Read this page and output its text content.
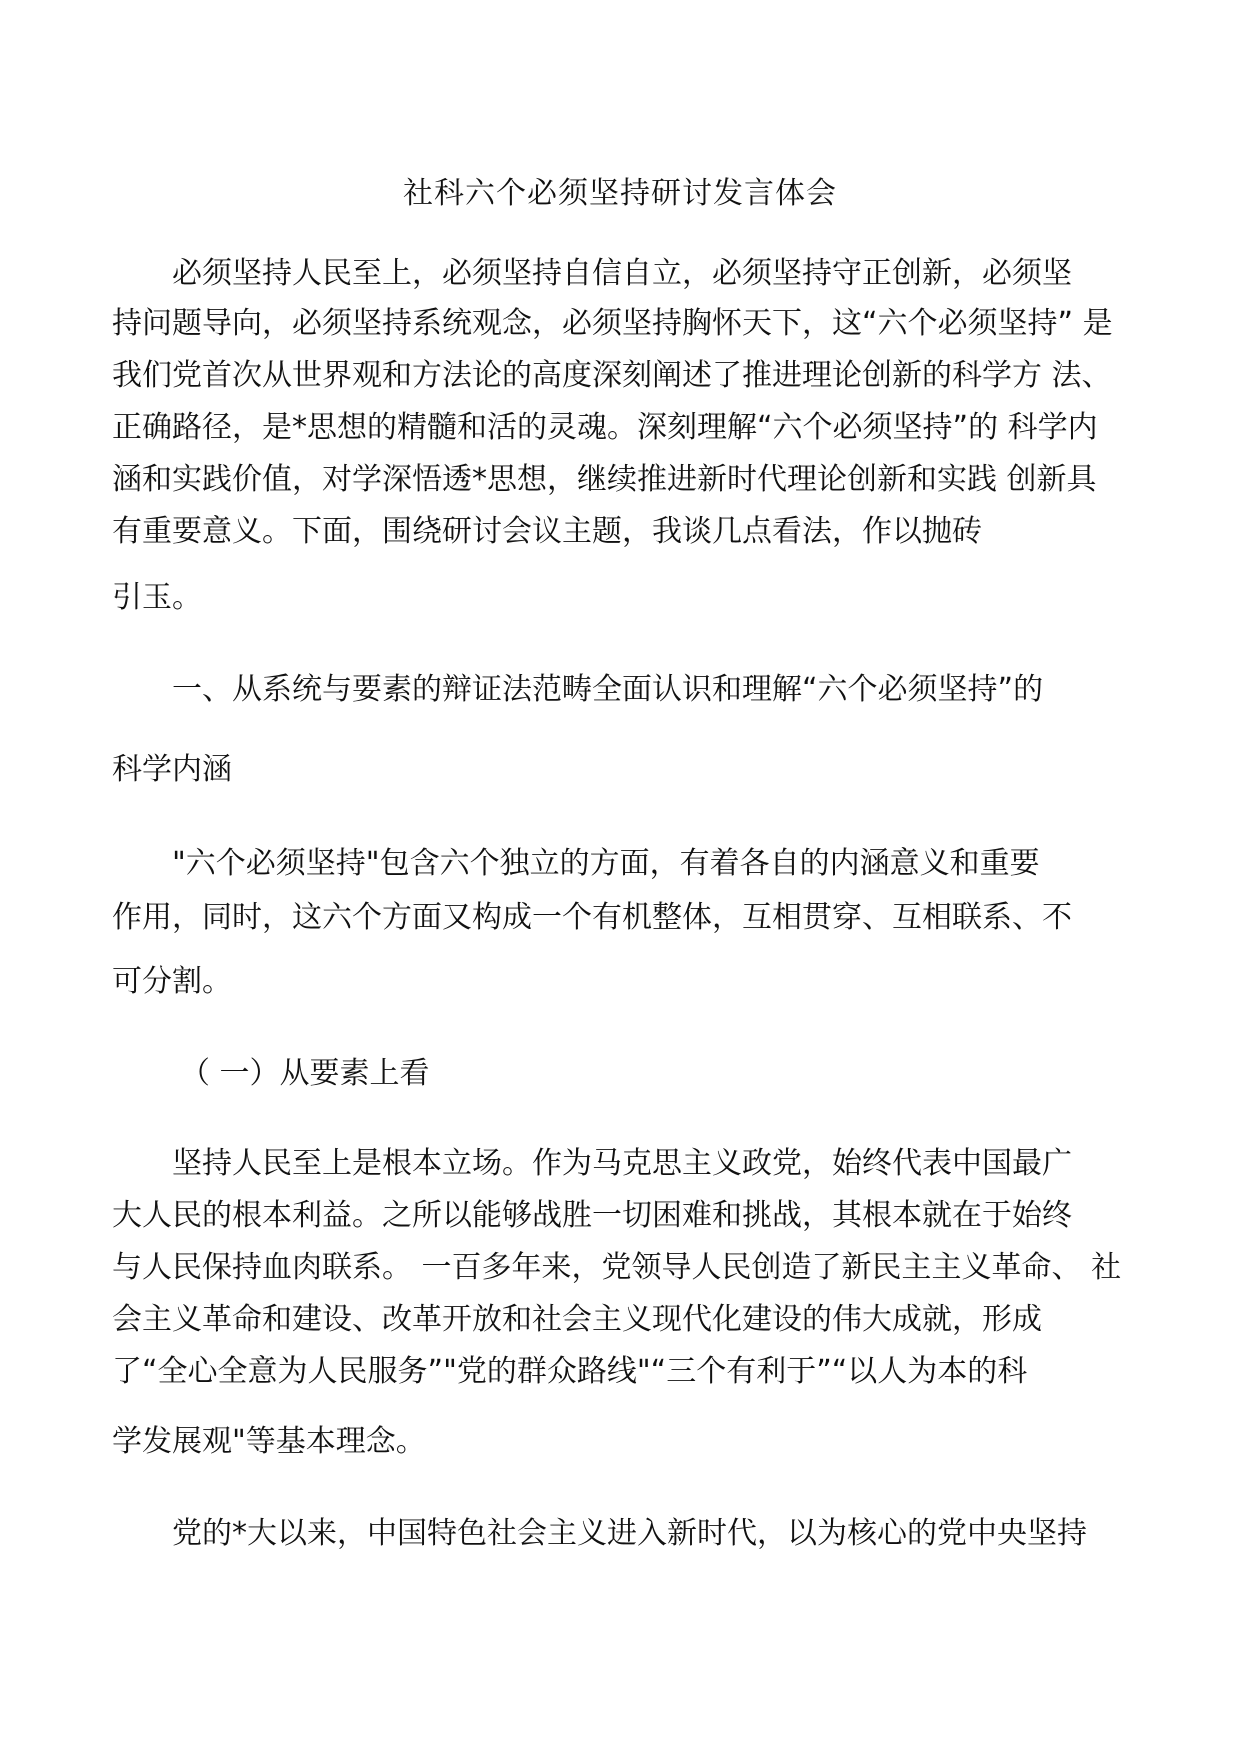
社科六个必须坚持研讨发言体会

必须坚持人民至上，必须坚持自信自立，必须坚持守正创新，必须坚

持问题导向，必须坚持系统观念，必须坚持胸怀天下，这“六个必须坚持” 是

我们党首次从世界观和方法论的高度深刻阐述了推进理论创新的科学方 法、

正确路径，是*思想的精髓和活的灵魂。深刻理解“六个必须坚持”的 科学内

涵和实践价值，对学深悟透*思想，继续推进新时代理论创新和实践 创新具

有重要意义。下面，围绕研讨会议主题，我谈几点看法，作以抛砖

引玉。

一、从系统与要素的辩证法范畴全面认识和理解“六个必须坚持”的

科学内涵

"六个必须坚持"包含六个独立的方面，有着各自的内涵意义和重要

作用，同时，这六个方面又构成一个有机整体，互相贯穿、互相联系、不

可分割。

（ 一）从要素上看

坚持人民至上是根本立场。作为马克思主义政党，始终代表中国最广

大人民的根本利益。之所以能够战胜一切困难和挑战，其根本就在于始终

与人民保持血肉联系。 一百多年来，党领导人民创造了新民主主义革命、 社

会主义革命和建设、改革开放和社会主义现代化建设的伟大成就，形成

了“全心全意为人民服务”"党的群众路线"“三个有利于”“以人为本的科

学发展观"等基本理念。

党的*大以来，中国特色社会主义进入新时代，以为核心的党中央坚持
